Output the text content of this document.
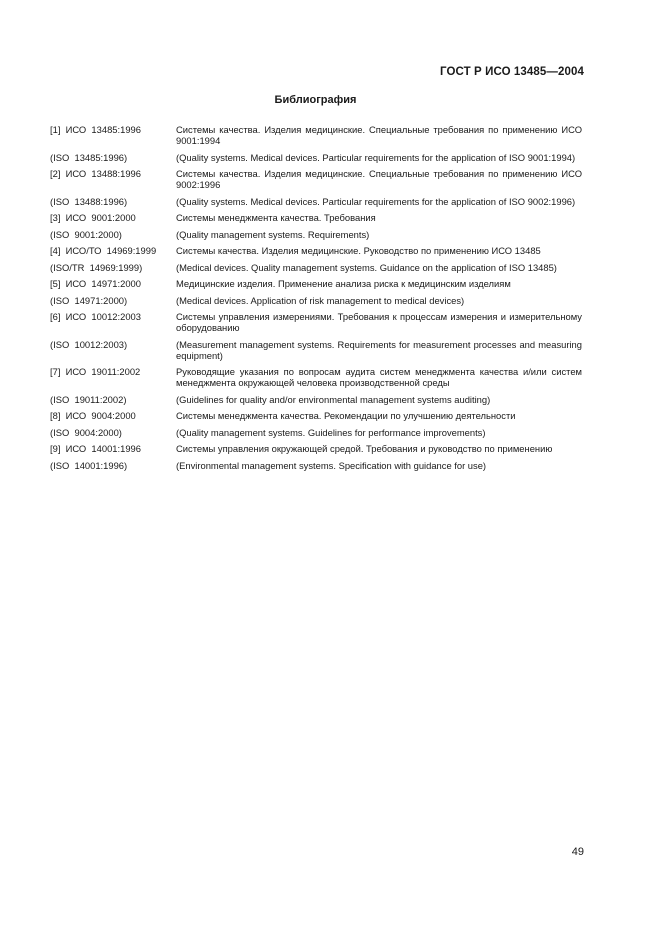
ГОСТ Р ИСО 13485—2004
Библиография
[1]  ИСО  13485:1996	Системы качества. Изделия медицинские. Специальные требования по применению ИСО 9001:1994
(ISO  13485:1996)	(Quality systems. Medical devices. Particular requirements for the application of ISO 9001:1994)
[2]  ИСО  13488:1996	Системы качества. Изделия медицинские. Специальные требования по применению ИСО 9002:1996
(ISO  13488:1996)	(Quality systems. Medical devices. Particular requirements for the application of ISO 9002:1996)
[3]  ИСО  9001:2000	Системы менеджмента качества. Требования
(ISO  9001:2000)	(Quality management systems. Requirements)
[4]  ИСО/ТО  14969:1999	Системы качества. Изделия медицинские. Руководство по применению ИСО 13485
(ISO/TR  14969:1999)	(Medical devices. Quality management systems. Guidance on the application of ISO 13485)
[5]  ИСО  14971:2000	Медицинские изделия. Применение анализа риска к медицинским изделиям
(ISO  14971:2000)	(Medical devices. Application of risk management to medical devices)
[6]  ИСО  10012:2003	Системы управления измерениями. Требования к процессам измерения и измерительному оборудованию
(ISO  10012:2003)	(Measurement management systems. Requirements for measurement processes and measuring equipment)
[7]  ИСО  19011:2002	Руководящие указания по вопросам аудита систем менеджмента качества и/или систем менеджмента окружающей человека производственной среды
(ISO  19011:2002)	(Guidelines for quality and/or environmental management systems auditing)
[8]  ИСО  9004:2000	Системы менеджмента качества. Рекомендации по улучшению деятельности
(ISO  9004:2000)	(Quality management systems. Guidelines for performance improvements)
[9]  ИСО  14001:1996	Системы управления окружающей средой. Требования и руководство по применению
(ISO  14001:1996)	(Environmental management systems. Specification with guidance for use)
49
